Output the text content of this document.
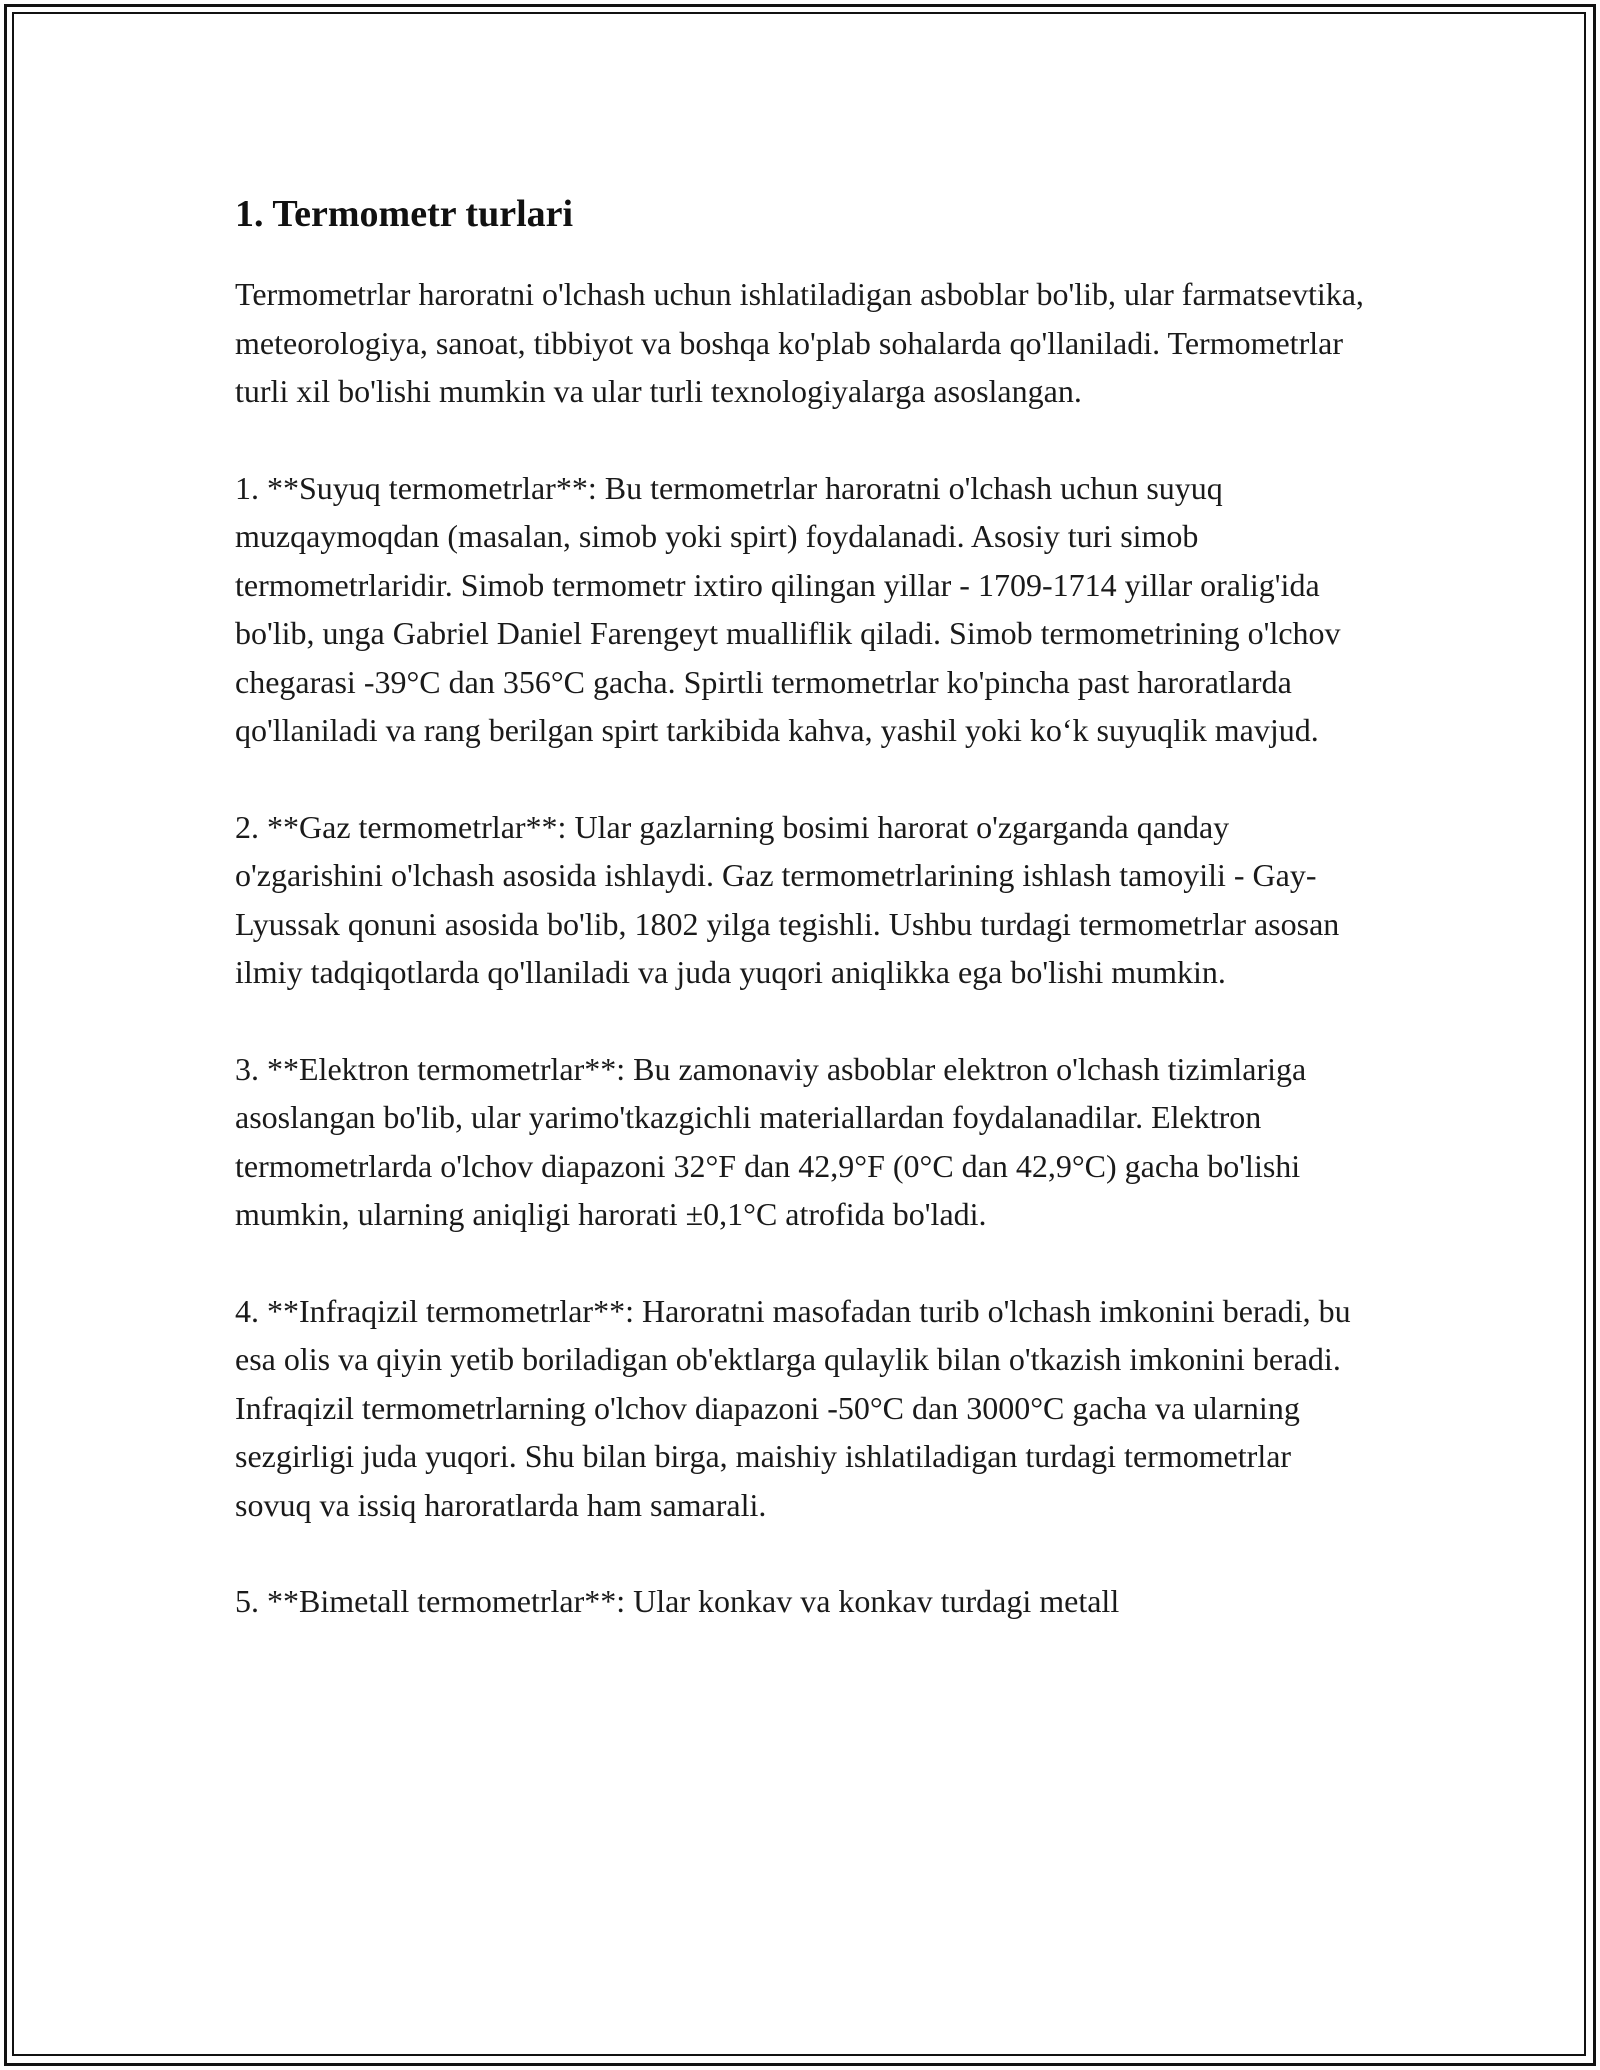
1. Termometr turlari

Termometrlar haroratni o'lchash uchun ishlatiladigan asboblar bo'lib, ular farmatsevtika, meteorologiya, sanoat, tibbiyot va boshqa ko'plab sohalarda qo'llaniladi. Termometrlar turli xil bo'lishi mumkin va ular turli texnologiyalarga asoslangan.

1. **Suyuq termometrlar**: Bu termometrlar haroratni o'lchash uchun suyuq muzqaymoqdan (masalan, simob yoki spirt) foydalanadi. Asosiy turi simob termometrlaridir. Simob termometr ixtiro qilingan yillar - 1709-1714 yillar oralig'ida bo'lib, unga Gabriel Daniel Farengeyt mualliflik qiladi. Simob termometrining o'lchov chegarasi -39°C dan 356°C gacha. Spirtli termometrlar ko'pincha past haroratlarda qo'llaniladi va rang berilgan spirt tarkibida kahva, yashil yoki ko‘k suyuqlik mavjud.

2. **Gaz termometrlar**: Ular gazlarning bosimi harorat o'zgarganda qanday o'zgarishini o'lchash asosida ishlaydi. Gaz termometrlarining ishlash tamoyili - Gay-Lyussak qonuni asosida bo'lib, 1802 yilga tegishli. Ushbu turdagi termometrlar asosan ilmiy tadqiqotlarda qo'llaniladi va juda yuqori aniqlikka ega bo'lishi mumkin.

3. **Elektron termometrlar**: Bu zamonaviy asboblar elektron o'lchash tizimlariga asoslangan bo'lib, ular yarimo'tkazgichli materiallardan foydalanadilar. Elektron termometrlarda o'lchov diapazoni 32°F dan 42,9°F (0°C dan 42,9°C) gacha bo'lishi mumkin, ularning aniqligi harorati ±0,1°C atrofida bo'ladi.

4. **Infraqizil termometrlar**: Haroratni masofadan turib o'lchash imkonini beradi, bu esa olis va qiyin yetib boriladigan ob'ektlarga qulaylik bilan o'tkazish imkonini beradi. Infraqizil termometrlarning o'lchov diapazoni -50°C dan 3000°C gacha va ularning sezgirligi juda yuqori. Shu bilan birga, maishiy ishlatiladigan turdagi termometrlar sovuq va issiq haroratlarda ham samarali.

5. **Bimetall termometrlar**: Ular konkav va konkav turdagi metall
